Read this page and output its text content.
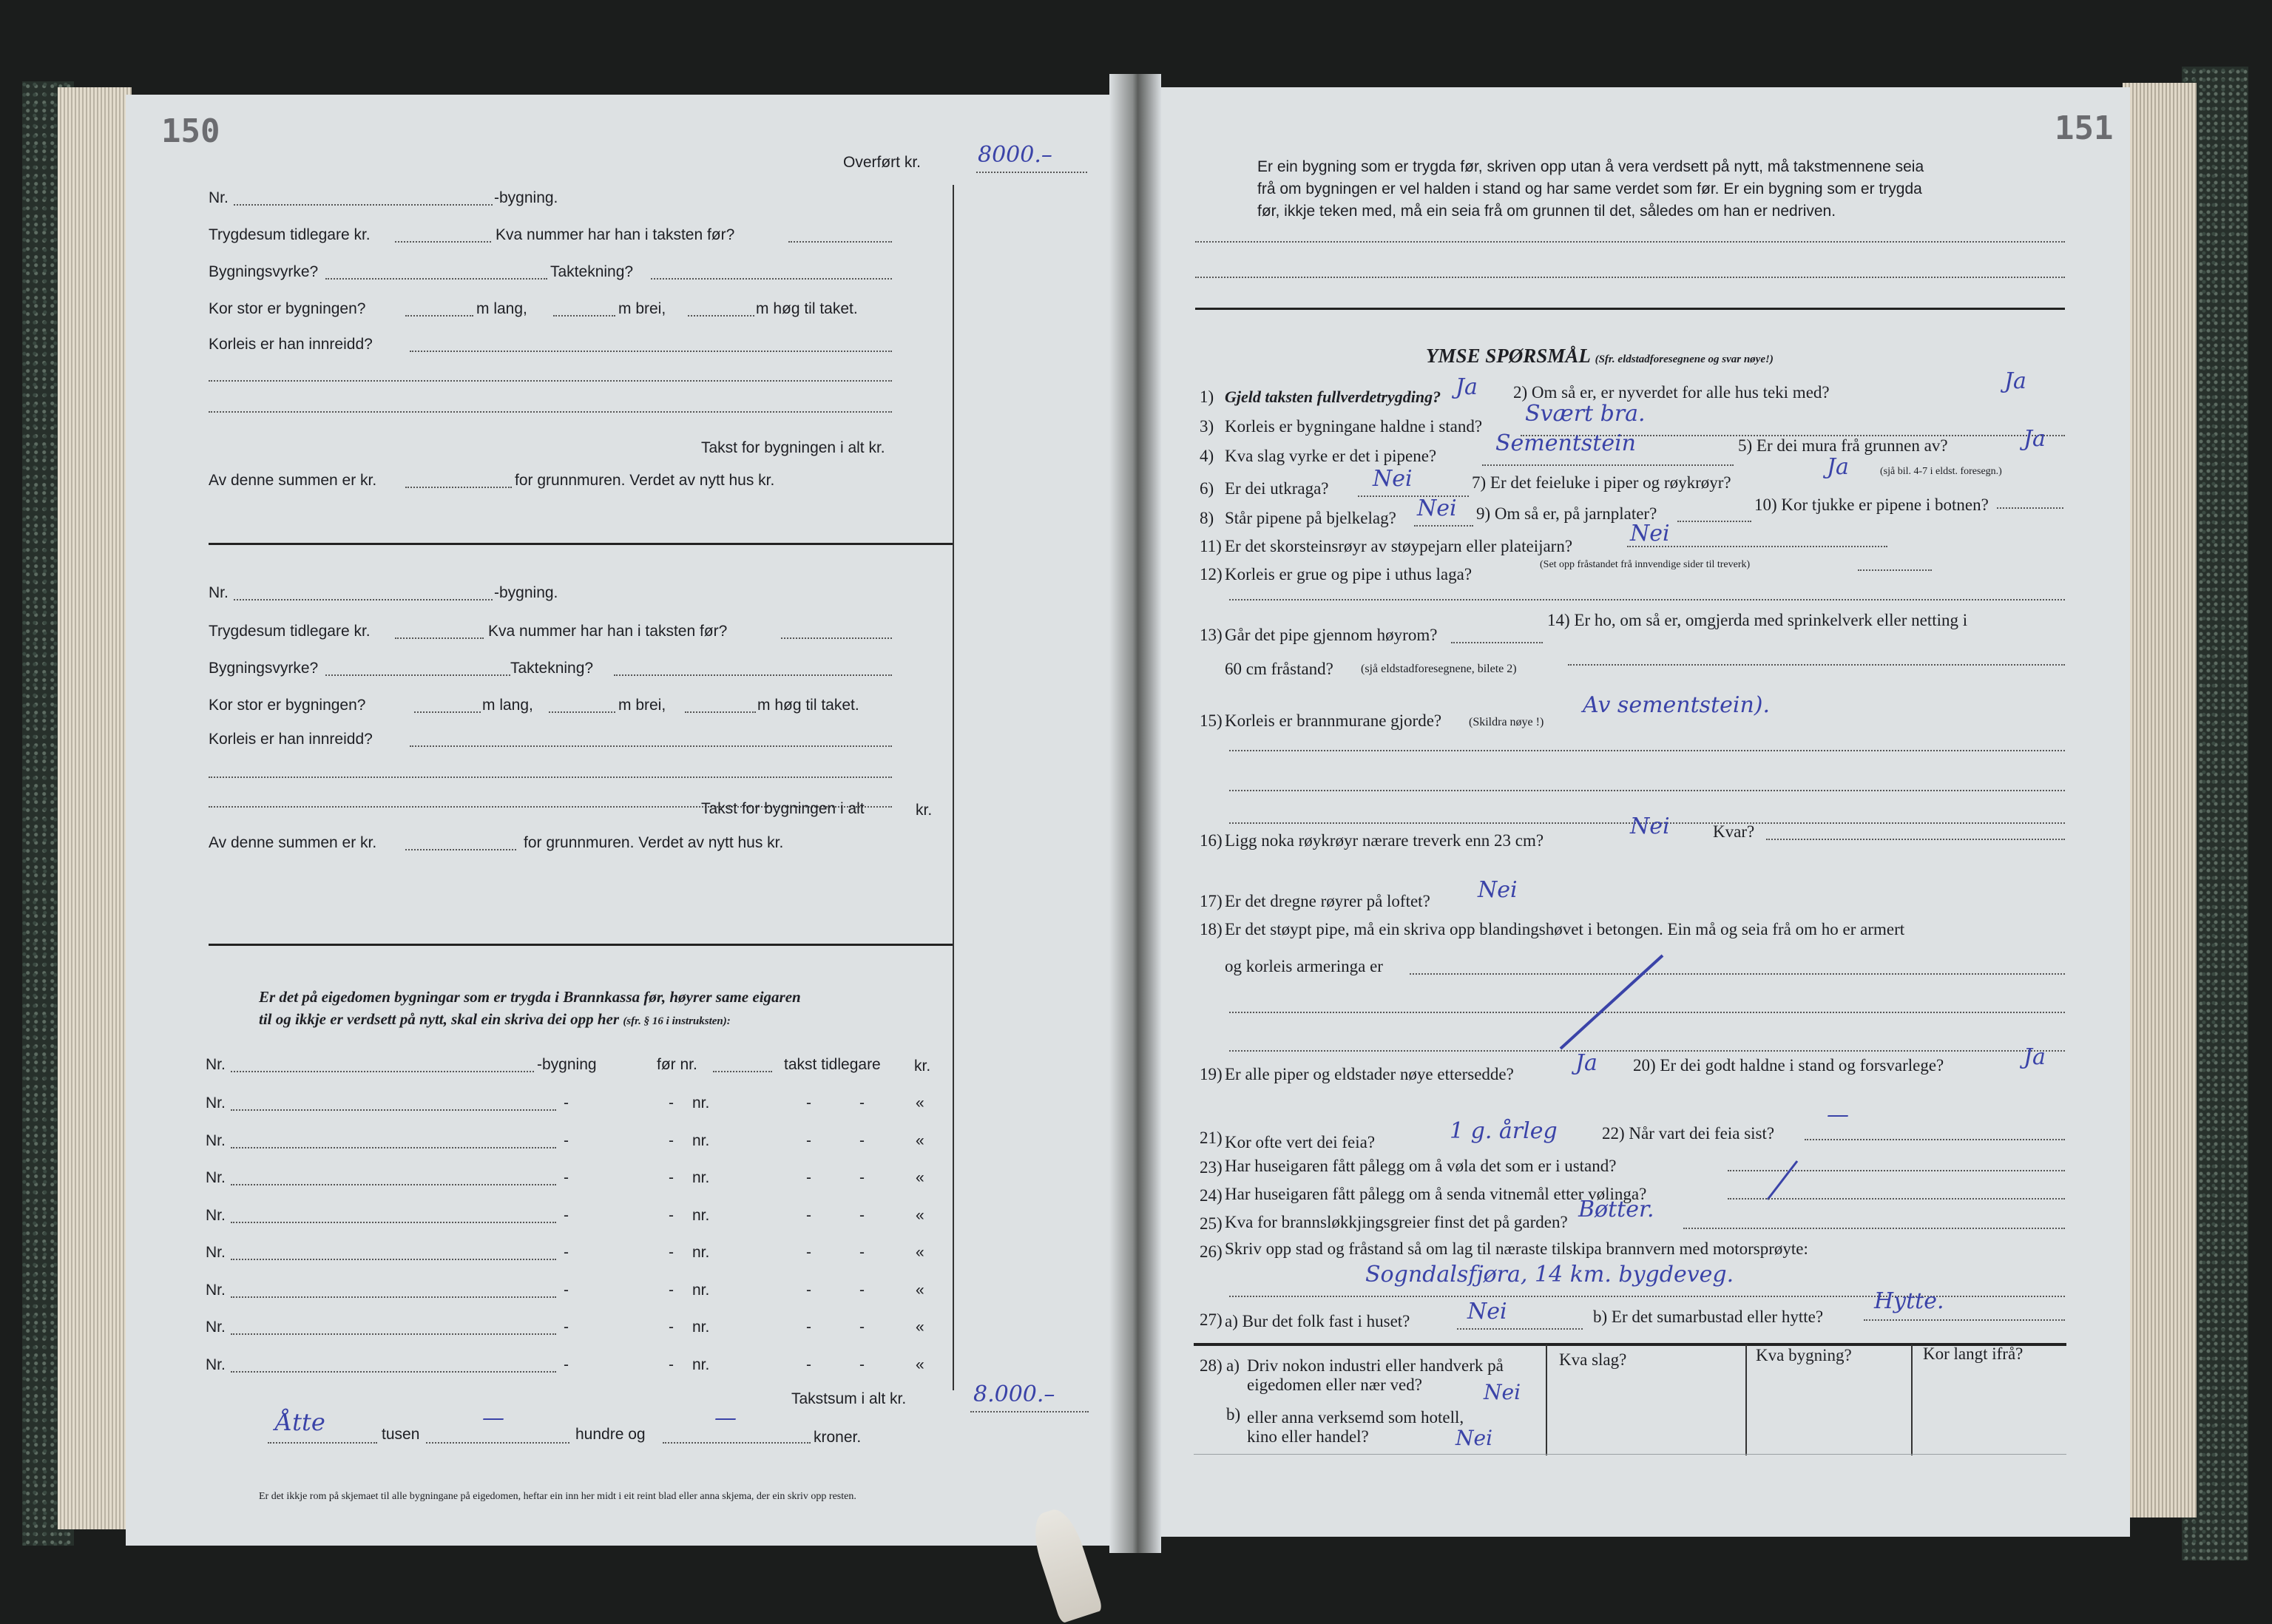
150
Overført kr.	8000.–
Nr.	-bygning.
Trygdesum tidlegare kr.	Kva nummer har han i taksten før?
Bygningsvyrke?	Taktekning?
Kor stor er bygningen?	m lang,	m brei,	m høg til taket.
Korleis er han innreidd?
Takst for bygningen i alt kr.
Av denne summen er kr.	for grunnmuren. Verdet av nytt hus kr.
Nr.	-bygning.
Trygdesum tidlegare kr.	Kva nummer har han i taksten før?
Bygningsvyrke?	Taktekning?
Kor stor er bygningen?	m lang,	m brei,	m høg til taket.
Korleis er han innreidd?
Takst for bygningen i alt	kr.
Av denne summen er kr.	for grunnmuren. Verdet av nytt hus kr.
Er det på eigedomen bygningar som er trygda i Brannkassa før, høyrer same eigaren
til og ikkje er verdsett på nytt, skal ein skriva dei opp her (sfr. § 16 i instruksten):
Nr.	-bygning	før nr.	takst tidlegare kr.
Nr.	-	- nr.	-	-	«
Nr.	-	- nr.	-	-	«
Nr.	-	- nr.	-	-	«
Nr.	-	- nr.	-	-	«
Nr.	-	- nr.	-	-	«
Nr.	-	- nr.	-	-	«
Nr.	-	- nr.	-	-	«
Nr.	-	- nr.	-	-	«
Takstsum i alt kr.	8.000.–
Åtte	tusen
—
hundre og
—
kroner.
Er det ikkje rom på skjemaet til alle bygningane på eigedomen, heftar ein inn her midt i eit reint blad eller anna skjema, der ein skriv opp resten.
151
Er ein bygning som er trygda før, skriven opp utan å vera verdsett på nytt, må takstmennene seia
frå om bygningen er vel halden i stand og har same verdet som før. Er ein bygning som er trygda
før, ikkje teken med, må ein seia frå om grunnen til det, således om han er nedriven.
YMSE SPØRSMÅL (Sfr. eldstadforesegnene og svar nøye!)
1) Gjeld taksten fullverdetrygding? Ja 2) Om så er, er nyverdet for alle hus teki med?	Ja
3) Korleis er bygningane haldne i stand? Svært bra.
4) Kva slag vyrke er det i pipene?	Sementstein	5) Er dei mura frå grunnen av?	Ja
6) Er dei utkraga? Nei	7) Er det feieluke i piper og røykrøyr?
Ja	(sjå bil. 4-7 i eldst. foresegn.)
8) Står pipene på bjelkelag? Nei 9) Om så er, på jarnplater?	10) Kor tjukke er pipene i botnen?
11) Er det skorsteinsrøyr av støypejarn eller plateijarn?	Nei
12) Korleis er grue og pipe i uthus laga?
(Set opp fråstandet frå innvendige sider til treverk)
13) Går det pipe gjennom høyrom?
14) Er ho, om så er, omgjerda med sprinkelverk eller netting i
60 cm fråstand? (sjå eldstadforesegnene, bilete 2)
15) Korleis er brannmurane gjorde? (Skildra nøye !)
Av sementstein).
16) Ligg noka røykrøyr nærare treverk enn 23 cm?
Nei	Kvar?
17) Er det dregne røyrer på loftet? Nei
18) Er det støypt pipe, må ein skriva opp blandingshøvet i betongen. Ein må og seia frå om ho er armert
og korleis armeringa er
19) Er alle piper og eldstader nøye ettersedde?	Ja 20) Er dei godt haldne i stand og forsvarlege?	Ja
21) Kor ofte vert dei feia?	1 g. årleg	22) Når vart dei feia sist?
—
23) Har huseigaren fått pålegg om å vøla det som er i ustand?
24) Har huseigaren fått pålegg om å senda vitnemål etter vølinga?
25) Kva for brannsløkkjingsgreier finst det på garden? Bøtter.
26) Skriv opp stad og fråstand så om lag til næraste tilskipa brannvern med motorsprøyte:
Sogndalsfjøra, 14 km. bygdeveg.
27) a) Bur det folk fast i huset?	Nei	b) Er det sumarbustad eller hytte?
Hytte.
28) a) Driv nokon industri eller handverk på
eigedomen eller nær ved?	Nei
b) eller anna verksemd som hotell,
kino eller handel?	Nei
Kva slag?	Kva bygning?	Kor langt ifrå?
